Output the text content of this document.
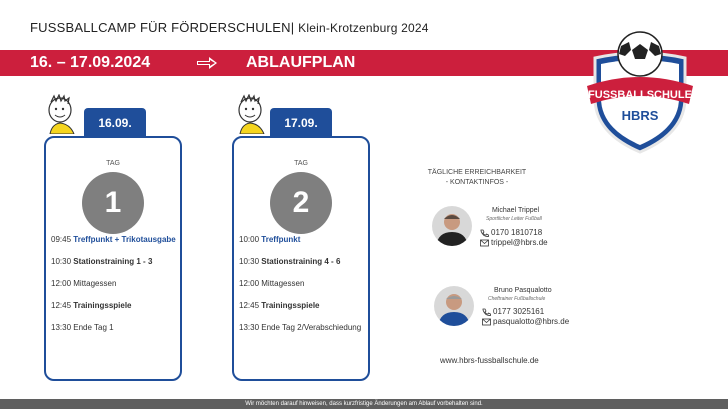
FUSSBALLCAMP FÜR FÖRDERSCHULEN| Klein-Krotzenburg 2024
16. – 17.09.2024	ABLAUFPLAN
FUSSBALLSCHULE
HBRS
16.09.
TAG
1
09:45 Treffpunkt + Trikotausgabe
10:30 Stationstraining 1 - 3
12:00 Mittagessen
12:45 Trainingsspiele
13:30 Ende Tag 1
17.09.
TAG
2
10:00 Treffpunkt
10:30 Stationstraining 4 - 6
12:00 Mittagessen
12:45 Trainingsspiele
13:30 Ende Tag 2/Verabschiedung
TÄGLICHE ERREICHBARKEIT
- KONTAKTINFOS -
Michael Trippel
Sportlicher Leiter Fußball
0170 1810718
trippel@hbrs.de
Bruno Pasqualotto
Cheftrainer Fußballschule
0177 3025161
pasqualotto@hbrs.de
www.hbrs-fussballschule.de
Wir möchten darauf hinweisen, dass kurzfristige Änderungen am Ablauf vorbehalten sind.
